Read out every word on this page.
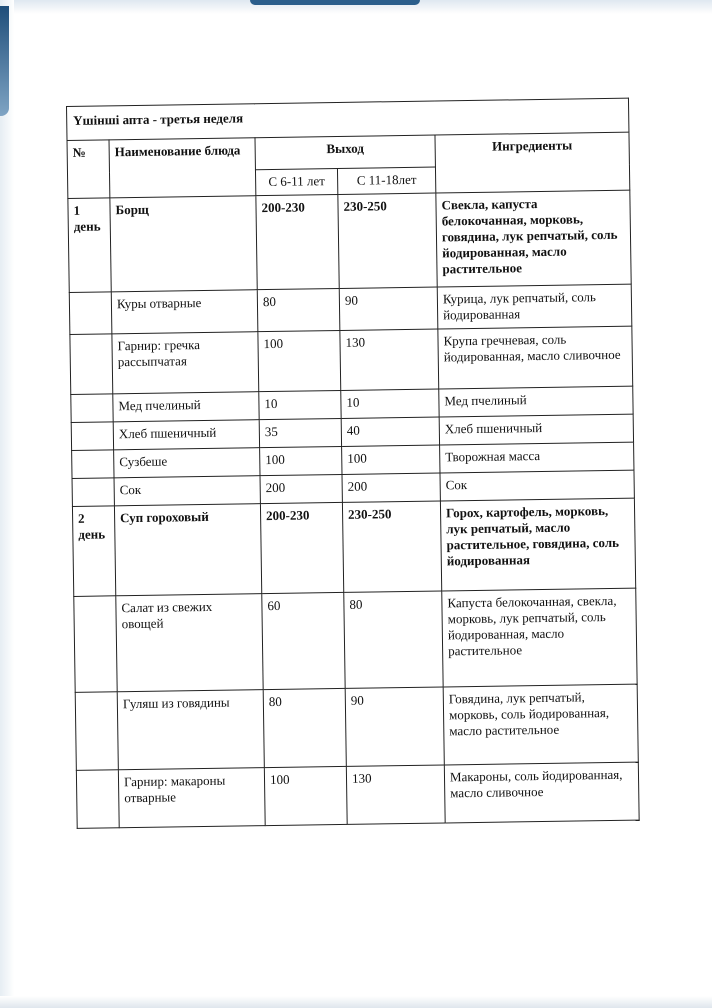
Үшінші апта - третья неделя				
№	Наименование блюда	Выход		Ингредиенты
		С 6-11 лет	С 11-18лет	
1 день	Борщ	200-230	230-250	Свекла, капуста белокочанная, морковь, говядина, лук репчатый, соль йодированная, масло растительное
	Куры отварные	80	90	Курица, лук репчатый, соль йодированная
	Гарнир: гречка рассыпчатая	100	130	Крупа гречневая, соль йодированная, масло сливочное
	Мед пчелиный	10	10	Мед пчелиный
	Хлеб пшеничный	35	40	Хлеб пшеничный
	Сузбеше	100	100	Творожная масса
	Сок	200	200	Сок
2 день	Суп гороховый	200-230	230-250	Горох, картофель, морковь, лук репчатый, масло растительное, говядина, соль йодированная
	Салат из свежих овощей	60	80	Капуста белокочанная, свекла, морковь, лук репчатый, соль йодированная, масло растительное
	Гуляш из говядины	80	90	Говядина, лук репчатый, морковь, соль йодированная, масло растительное
	Гарнир: макароны отварные	100	130	Макароны, соль йодированная, масло сливочное
